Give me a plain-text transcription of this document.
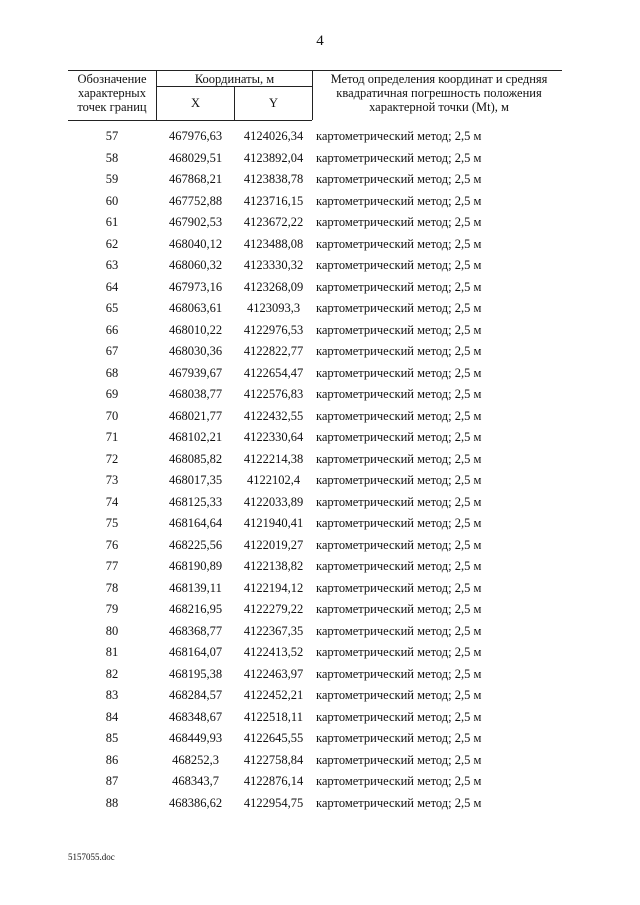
4
Обозначение характерных точек границ
Координаты, м
X	Y
Метод определения координат и средняя квадратичная погрешность положения характерной точки (Mt), м
57	467976,63	4124026,34	картометрический метод; 2,5 м
58	468029,51	4123892,04	картометрический метод; 2,5 м
59	467868,21	4123838,78	картометрический метод; 2,5 м
60	467752,88	4123716,15	картометрический метод; 2,5 м
61	467902,53	4123672,22	картометрический метод; 2,5 м
62	468040,12	4123488,08	картометрический метод; 2,5 м
63	468060,32	4123330,32	картометрический метод; 2,5 м
64	467973,16	4123268,09	картометрический метод; 2,5 м
65	468063,61	4123093,3	картометрический метод; 2,5 м
66	468010,22	4122976,53	картометрический метод; 2,5 м
67	468030,36	4122822,77	картометрический метод; 2,5 м
68	467939,67	4122654,47	картометрический метод; 2,5 м
69	468038,77	4122576,83	картометрический метод; 2,5 м
70	468021,77	4122432,55	картометрический метод; 2,5 м
71	468102,21	4122330,64	картометрический метод; 2,5 м
72	468085,82	4122214,38	картометрический метод; 2,5 м
73	468017,35	4122102,4	картометрический метод; 2,5 м
74	468125,33	4122033,89	картометрический метод; 2,5 м
75	468164,64	4121940,41	картометрический метод; 2,5 м
76	468225,56	4122019,27	картометрический метод; 2,5 м
77	468190,89	4122138,82	картометрический метод; 2,5 м
78	468139,11	4122194,12	картометрический метод; 2,5 м
79	468216,95	4122279,22	картометрический метод; 2,5 м
80	468368,77	4122367,35	картометрический метод; 2,5 м
81	468164,07	4122413,52	картометрический метод; 2,5 м
82	468195,38	4122463,97	картометрический метод; 2,5 м
83	468284,57	4122452,21	картометрический метод; 2,5 м
84	468348,67	4122518,11	картометрический метод; 2,5 м
85	468449,93	4122645,55	картометрический метод; 2,5 м
86	468252,3	4122758,84	картометрический метод; 2,5 м
87	468343,7	4122876,14	картометрический метод; 2,5 м
88	468386,62	4122954,75	картометрический метод; 2,5 м
5157055.doc
